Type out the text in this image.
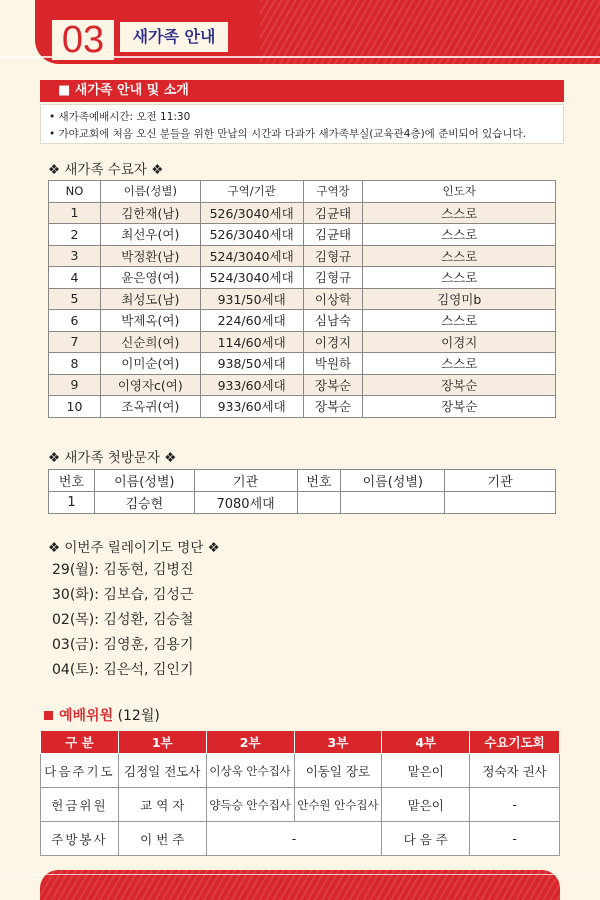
03	새가족 안내
■ 새가족 안내 및 소개
• 새가족예배시간: 오전 11:30
• 가야교회에 처음 오신 분들을 위한 만남의 시간과 다과가 새가족부실(교육관4층)에 준비되어 있습니다.
❖ 새가족 수료자 ❖
NO	이름(성별)	구역/기관	구역장	인도자
1	김한재(남)	526/3040세대	김균태	스스로
2	최선우(여)	526/3040세대	김균태	스스로
3	박정환(남)	524/3040세대	김형규	스스로
4	윤은영(여)	524/3040세대	김형규	스스로
5	최성도(남)	931/50세대	이상학	김영미b
6	박제옥(여)	224/60세대	심남숙	스스로
7	신순희(여)	114/60세대	이경지	이경지
8	이미순(여)	938/50세대	박원하	스스로
9	이영자c(여)	933/60세대	장복순	장복순
10	조옥귀(여)	933/60세대	장복순	장복순
❖ 새가족 첫방문자 ❖
번호	이름(성별)	기관	번호	이름(성별)	기관
1	김승현	7080세대			
❖ 이번주 릴레이기도 명단 ❖
29(월): 김동현, 김병진
30(화): 김보습, 김성근
02(목): 김성환, 김승철
03(금): 김영훈, 김용기
04(토): 김은석, 김인기
예배위원 (12월)
구 분	1부	2부	3부	4부	수요기도회
다음주기도	김정일 전도사	이상욱 안수집사	이동일 장로	맡은이	정숙자 권사
헌금위원	교 역 자	양득승 안수집사	안수원 안수집사	맡은이	-
주방봉사	이 번 주	-		다 음 주	-
